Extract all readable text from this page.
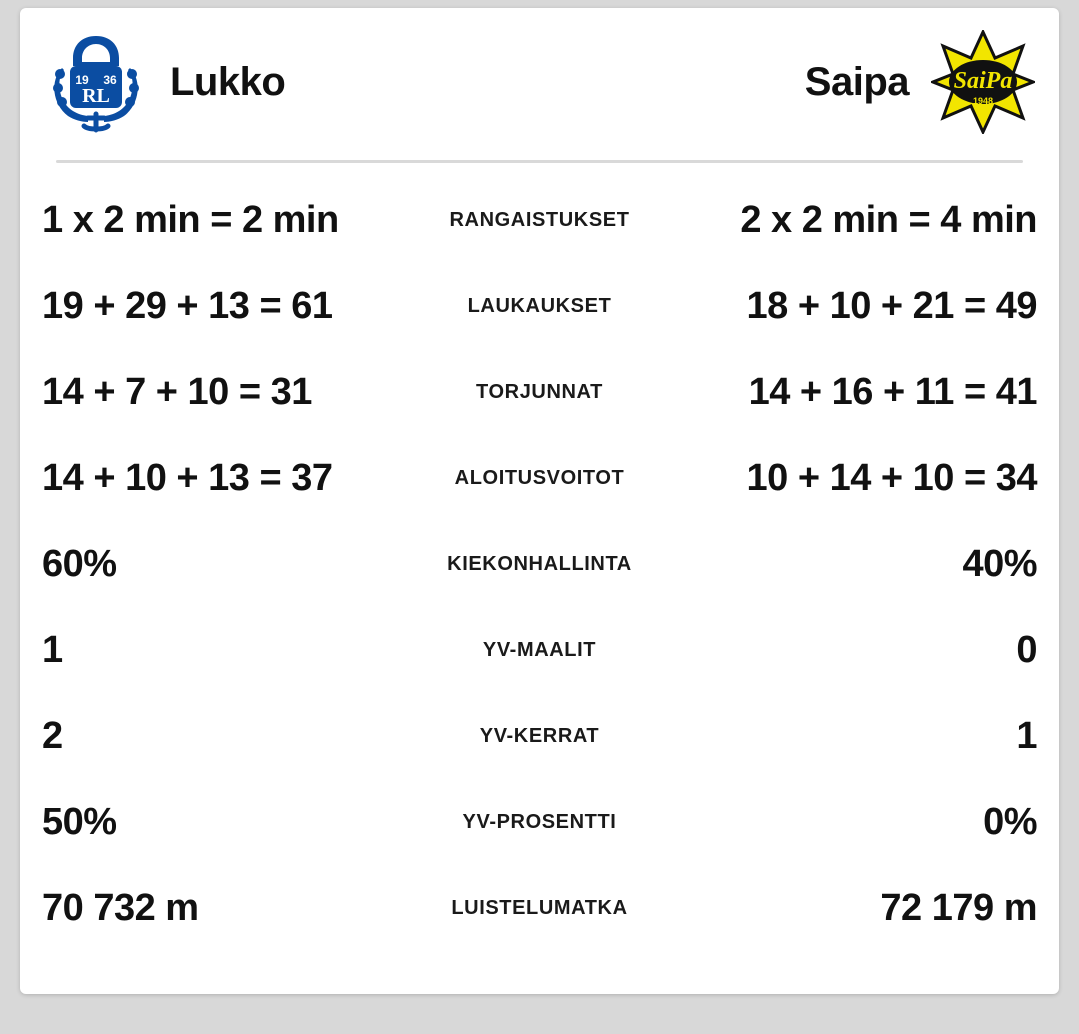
19 36
RL Lukko	Saipa SaiPa
1948
1 x 2 min = 2 min	RANGAISTUKSET	2 x 2 min = 4 min
19 + 29 + 13 = 61	LAUKAUKSET	18 + 10 + 21 = 49
14 + 7 + 10 = 31	TORJUNNAT	14 + 16 + 11 = 41
14 + 10 + 13 = 37	ALOITUSVOITOT	10 + 14 + 10 = 34
60%	KIEKONHALLINTA	40%
1	YV-MAALIT	0
2	YV-KERRAT	1
50%	YV-PROSENTTI	0%
70 732 m	LUISTELUMATKA	72 179 m
